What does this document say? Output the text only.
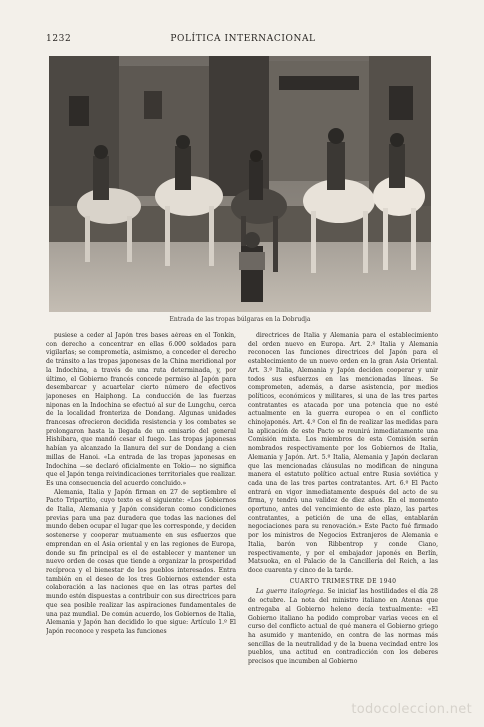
1232	POLÍTICA INTERNACIONAL
Entrada de las tropas búlgaras en la Dobrudja

pusiese a ceder al Japón tres bases aéreas en el Tonkín, con derecho a concentrar en ellas 6.000 soldados para vigilarlas; se comprometía, asimismo, a conceder el derecho de tránsito a las tropas japonesas de la China meridional por la Indochina, a través de una ruta determinada, y, por último, el Gobierno francés concede permiso al Japón para desembarcar y acuartelar cierto número de efectivos japoneses en Haiphong. La conducción de las fuerzas niponas en la Indochina se efectuó al sur de Lungchu, cerca de la localidad fronteriza de Dondang. Algunas unidades francesas ofrecieron decidida resistencia y los combates se prolongaron hasta la llegada de un emisario del general Hishibara, que mandó cesar el fuego. Las tropas japonesas habían ya alcanzado la llanura del sur de Dondang a cien millas de Hanoi. «La entrada de las tropas japonesas en Indochina —se declaró oficialmente en Tokio— no significa que el Japón tenga reivindicaciones territoriales que realizar. Es una consecuencia del acuerdo concluido.»

Alemania, Italia y Japón firman en 27 de septiembre el Pacto Tripartito, cuyo texto es el siguiente: «Los Gobiernos de Italia, Alemania y Japón consideran como condiciones previas para una paz duradera que todas las naciones del mundo deben ocupar el lugar que les corresponde, y deciden sostenerse y cooperar mutuamente en sus esfuerzos que emprendan en el Asia oriental y en las regiones de Europa, donde su fin principal es el de establecer y mantener un nuevo orden de cosas que tiende a organizar la prosperidad recíproca y el bienestar de los pueblos interesados. Entra también en el deseo de los tres Gobiernos extender esta colaboración a las naciones que en las otras partes del mundo estén dispuestas a contribuir con sus directrices para que sea posible realizar las aspiraciones fundamentales de una paz mundial. De común acuerdo, los Gobiernos de Italia, Alemania y Japón han decidido lo que sigue: Artículo 1.º El Japón reconoce y respeta las funciones

directrices de Italia y Alemania para el establecimiento del orden nuevo en Europa. Art. 2.º Italia y Alemania reconocen las funciones directrices del Japón para el establecimiento de un nuevo orden en la gran Asia Oriental. Art. 3.º Italia, Alemania y Japón deciden cooperar y unir todos sus esfuerzos en las mencionadas líneas. Se comprometen, además, a darse asistencia, por medios políticos, económicos y militares, si una de las tres partes contratantes es atacada por una potencia que no esté actualmente en la guerra europea o en el conflicto chinojaponés. Art. 4.º Con el fin de realizar las medidas para la aplicación de este Pacto se reunirá inmediatamente una Comisión mixta. Los miembros de esta Comisión serán nombrados respectivamente por los Gobiernos de Italia, Alemania y Japón. Art. 5.º Italia, Alemania y Japón declaran que las mencionadas cláusulas no modifican de ninguna manera el estatuto político actual entre Rusia soviética y cada una de las tres partes contratantes. Art. 6.º El Pacto entrará en vigor inmediatamente después del acto de su firma, y tendrá una validez de diez años. En el momento oportuno, antes del vencimiento de este plazo, las partes contratantes, a petición de una de ellas, entablarán negociaciones para su renovación.» Este Pacto fué firmado por los ministros de Negocios Extranjeros de Alemania e Italia, barón von Ribbentrop y conde Ciano, respectivamente, y por el embajador japonés en Berlín, Matsuoka, en el Palacio de la Cancillería del Reich, a las doce cuarenta y cinco de la tarde.

CUARTO TRIMESTRE DE 1940

La guerra italogriega. Se iniciaf las hostilidades el día 28 de octubre. La nota del ministro italiano en Atenas que entregaba al Gobierno heleno decía textualmente: «El Gobierno italiano ha podido comprobar varias veces en el curso del conflicto actual de qué manera el Gobierno griego ha asumido y mantenido, en contra de las normas más sencillas de la neutralidad y de la buena vecindad entre los pueblos, una actitud en contradicción con los deberes precisos que incumben al Gobierno

todocoleccion.net
